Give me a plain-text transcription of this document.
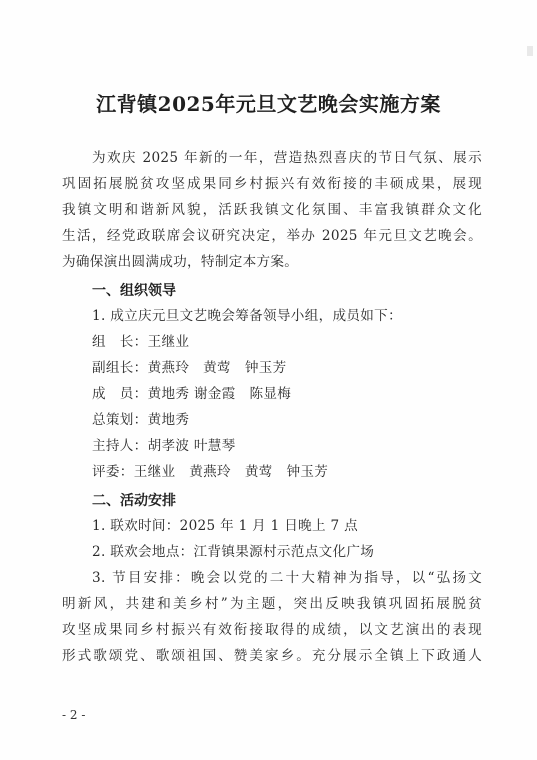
江背镇2025年元旦文艺晚会实施方案
为欢庆 2025 年新的一年，营造热烈喜庆的节日气氛、展示
巩固拓展脱贫攻坚成果同乡村振兴有效衔接的丰硕成果，展现
我镇文明和谐新风貌，活跃我镇文化氛围、丰富我镇群众文化
生活，经党政联席会议研究决定，举办 2025 年元旦文艺晚会。
为确保演出圆满成功，特制定本方案。
一、组织领导
1. 成立庆元旦文艺晚会筹备领导小组，成员如下：
组　长：王继业
副组长：黄燕玲　黄莺　钟玉芳
成　员：黄地秀 谢金霞　陈显梅
总策划：黄地秀
主持人：胡孝波 叶慧琴
评委：王继业　黄燕玲　黄莺　钟玉芳
二、活动安排
1. 联欢时间：2025 年 1 月 1 日晚上 7 点
2. 联欢会地点：江背镇果源村示范点文化广场
3. 节目安排：晚会以党的二十大精神为指导，以“弘扬文
明新风，共建和美乡村”为主题，突出反映我镇巩固拓展脱贫
攻坚成果同乡村振兴有效衔接取得的成绩，以文艺演出的表现
形式歌颂党、歌颂祖国、赞美家乡。充分展示全镇上下政通人
- 2 -
